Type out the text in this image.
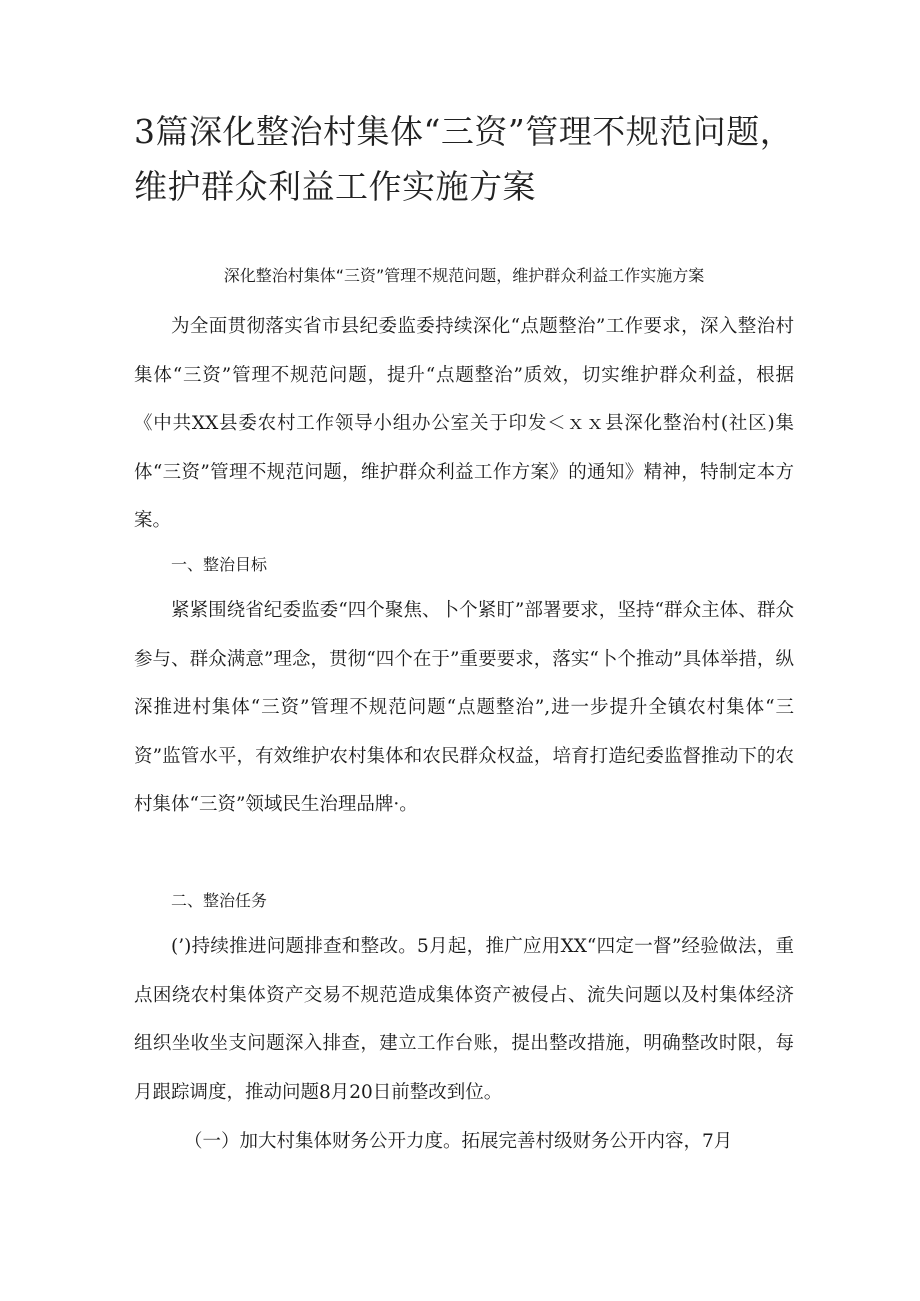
3篇深化整治村集体“三资”管理不规范问题，维护群众利益工作实施方案
深化整治村集体“三资”管理不规范问题，维护群众利益工作实施方案

为全面贯彻落实省市县纪委监委持续深化“点题整治”工作要求，深入整治村集体“三资”管理不规范问题，提升“点题整治”质效，切实维护群众利益，根据《中共XX县委农村工作领导小组办公室关于印发＜ｘｘ县深化整治村(社区)集体“三资”管理不规范问题，维护群众利益工作方案》的通知》精神，特制定本方案。

一、整治目标

紧紧围绕省纪委监委“四个聚焦、卜个紧盯”部署要求，坚持“群众主体、群众参与、群众满意”理念，贯彻“四个在于”重要要求，落实“卜个推动”具体举措，纵深推进村集体“三资”管理不规范问题“点题整治”,进一步提升全镇农村集体“三资”监管水平，有效维护农村集体和农民群众权益，培育打造纪委监督推动下的农村集体“三资”领域民生治理品牌·。

二、整治任务

(’)持续推进问题排查和整改。5月起，推广应用XX“四定一督”经验做法，重点困绕农村集体资产交易不规范造成集体资产被侵占、流失问题以及村集体经济组织坐收坐支问题深入排查，建立工作台账，提出整改措施，明确整改时限，每月跟踪调度，推动问题8月20日前整改到位。

（一）加大村集体财务公开力度。拓展完善村级财务公开内容，7月
